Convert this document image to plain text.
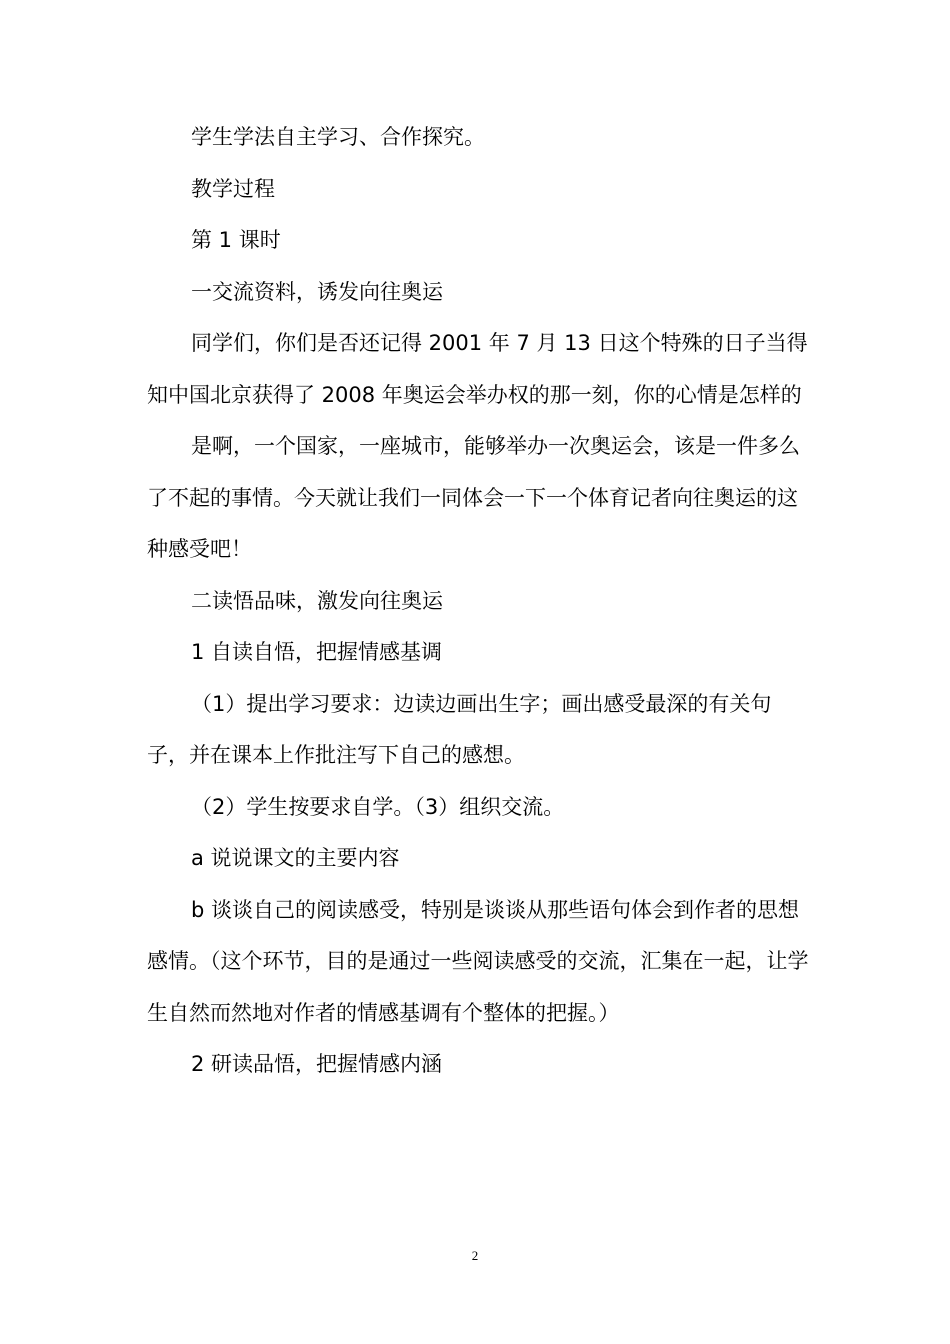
学生学法自主学习、合作探究。

教学过程

第 1 课时

一交流资料，诱发向往奥运

同学们，你们是否还记得 2001 年 7 月 13 日这个特殊的日子当得知中国北京获得了 2008 年奥运会举办权的那一刻，你的心情是怎样的

是啊，一个国家，一座城市，能够举办一次奥运会，该是一件多么了不起的事情。今天就让我们一同体会一下一个体育记者向往奥运的这种感受吧！

二读悟品味，激发向往奥运

1 自读自悟，把握情感基调

（1）提出学习要求：边读边画出生字；画出感受最深的有关句子，并在课本上作批注写下自己的感想。

（2）学生按要求自学。（3）组织交流。

a 说说课文的主要内容

b 谈谈自己的阅读感受，特别是谈谈从那些语句体会到作者的思想感情。（这个环节，目的是通过一些阅读感受的交流，汇集在一起，让学生自然而然地对作者的情感基调有个整体的把握。）

2 研读品悟，把握情感内涵

2
